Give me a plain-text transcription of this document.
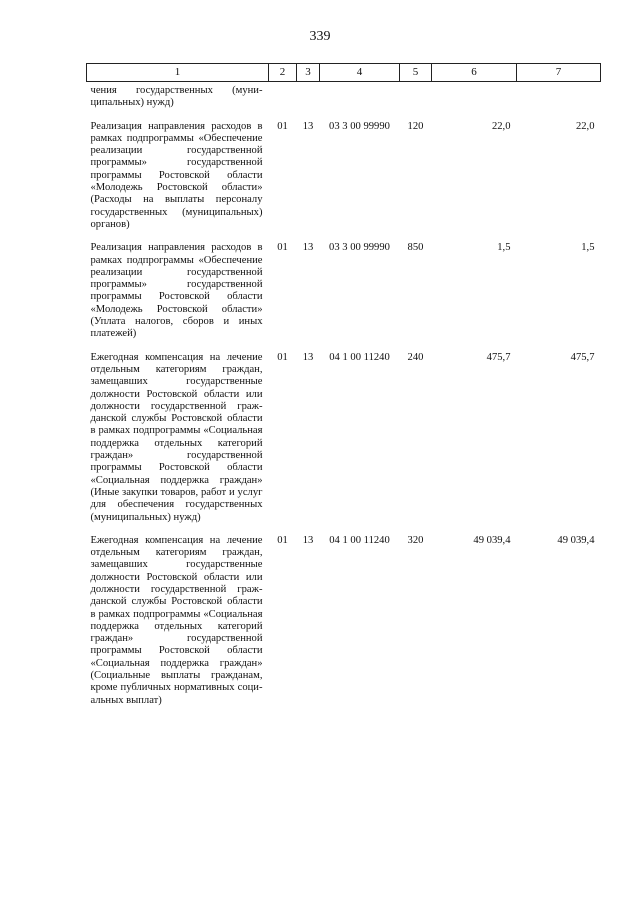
339
1	2	3	4	5	6	7
чения государственных (муниципальных) нужд)						
Реализация направления расходов в рамках подпрограммы «Обеспечение реализации государственной программы» государственной программы Ростовской области «Молодежь Ростовской области» (Расходы на выплаты персоналу государственных (муниципальных) органов)	01	13	03 3 00 99990	120	22,0	22,0
Реализация направления расходов в рамках подпрограммы «Обеспечение реализации государственной программы» государственной программы Ростовской области «Молодежь Ростовской области» (Уплата налогов, сборов и иных платежей)	01	13	03 3 00 99990	850	1,5	1,5
Ежегодная компенсация на лечение отдельным категориям граждан, замещавших государственные должности Ростовской области или должности государственной гражданской службы Ростовской области в рамках подпрограммы «Социальная поддержка отдельных категорий граждан» государственной программы Ростовской области «Социальная поддержка граждан» (Иные закупки товаров, работ и услуг для обеспечения государственных (муниципальных) нужд)	01	13	04 1 00 11240	240	475,7	475,7
Ежегодная компенсация на лечение отдельным категориям граждан, замещавших государственные должности Ростовской области или должности государственной гражданской службы Ростовской области в рамках подпрограммы «Социальная поддержка отдельных категорий граждан» государственной программы Ростовской области «Социальная поддержка граждан» (Социальные выплаты гражданам, кроме публичных нормативных социальных выплат)	01	13	04 1 00 11240	320	49 039,4	49 039,4
